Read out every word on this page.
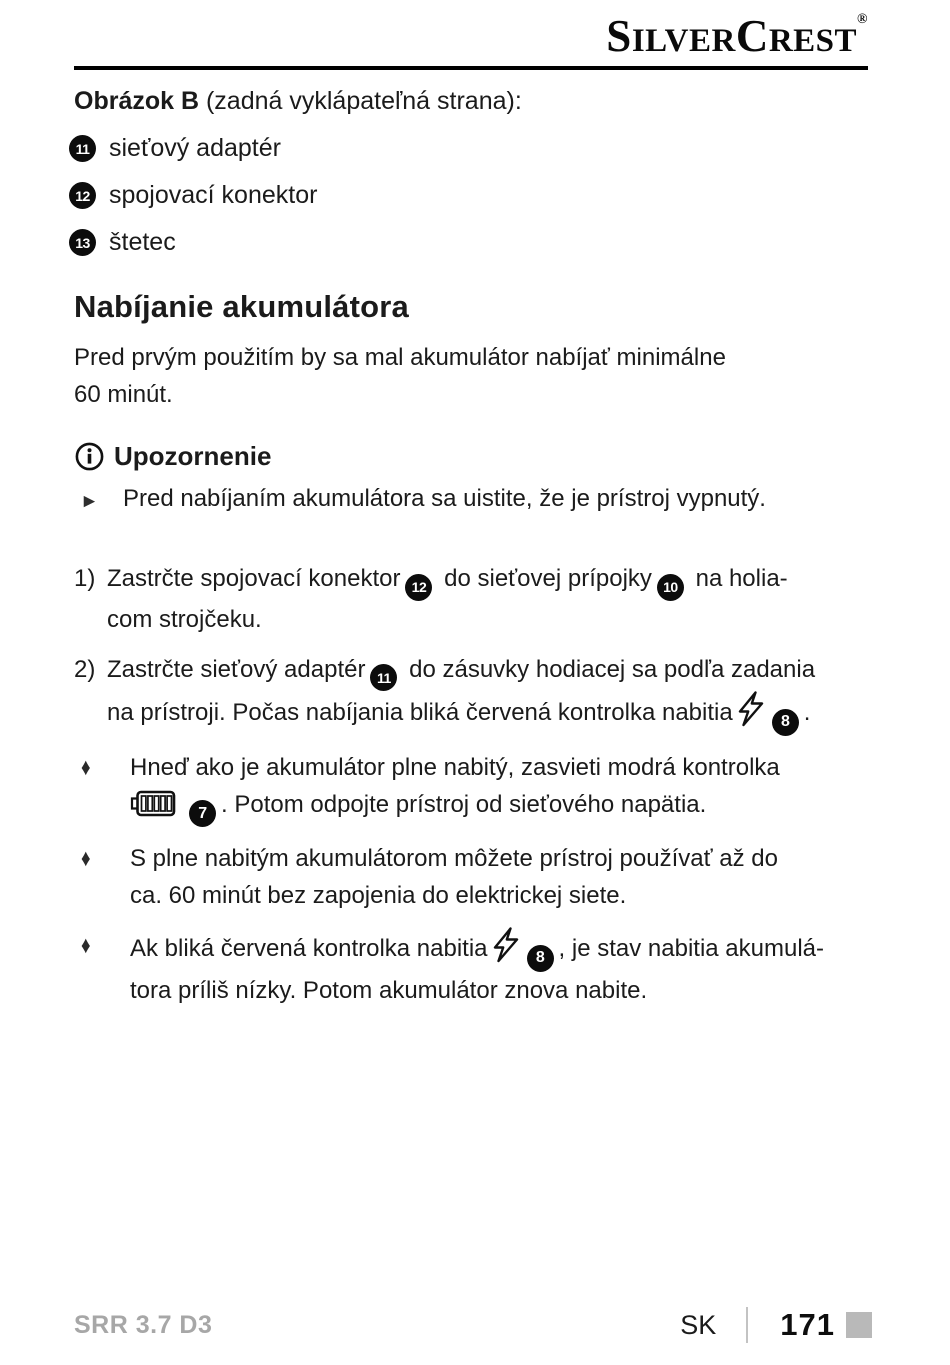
SILVERCREST®
Obrázok B (zadná vyklápateľná strana):
11 sieťový adaptér
12 spojovací konektor
13 štetec
Nabíjanie akumulátora
Pred prvým použitím by sa mal akumulátor nabíjať minimálne
60 minút.
Upozornenie
►	Pred nabíjaním akumulátora sa uistite, že je prístroj vypnutý.
1) Zastrčte spojovací konektor 12 do sieťovej prípojky 10 na holia-
com strojčeku.
2) Zastrčte sieťový adaptér 11 do zásuvky hodiacej sa podľa zadania
na prístroji. Počas nabíjania bliká červená kontrolka nabitia	8 .
♦	Hneď ako je akumulátor plne nabitý, zasvieti modrá kontrolka
7 . Potom odpojte prístroj od sieťového napätia.
♦	S plne nabitým akumulátorom môžete prístroj používať až do
ca. 60 minút bez zapojenia do elektrickej siete.
♦	Ak bliká červená kontrolka nabitia	8 , je stav nabitia akumulá-
tora príliš nízky. Potom akumulátor znova nabite.
SRR 3.7 D3	SK 171
